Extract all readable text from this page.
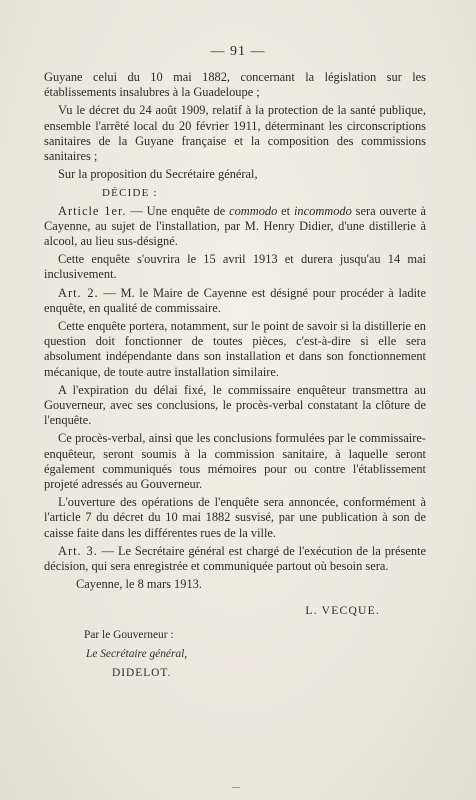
— 91 —

Guyane celui du 10 mai 1882, concernant la législation sur les établissements insalubres à la Guadeloupe ;

Vu le décret du 24 août 1909, relatif à la protection de la santé publique, ensemble l'arrêté local du 20 février 1911, déterminant les circonscriptions sanitaires de la Guyane française et la composition des commissions sanitaires ;

Sur la proposition du Secrétaire général,

DÉCIDE :

Article 1er. — Une enquête de commodo et incommodo sera ouverte à Cayenne, au sujet de l'installation, par M. Henry Didier, d'une distillerie à alcool, au lieu sus-désigné.

Cette enquête s'ouvrira le 15 avril 1913 et durera jusqu'au 14 mai inclusivement.

Art. 2. — M. le Maire de Cayenne est désigné pour procéder à ladite enquête, en qualité de commissaire.

Cette enquête portera, notamment, sur le point de savoir si la distillerie en question doit fonctionner de toutes pièces, c'est-à-dire si elle sera absolument indépendante dans son installation et dans son fonctionnement mécanique, de toute autre installation similaire.

A l'expiration du délai fixé, le commissaire enquêteur transmettra au Gouverneur, avec ses conclusions, le procès-verbal constatant la clôture de l'enquête.

Ce procès-verbal, ainsi que les conclusions formulées par le commissaire-enquêteur, seront soumis à la commission sanitaire, à laquelle seront également communiqués tous mémoires pour ou contre l'établissement projeté adressés au Gouverneur.

L'ouverture des opérations de l'enquête sera annoncée, conformément à l'article 7 du décret du 10 mai 1882 susvisé, par une publication à son de caisse faite dans les différentes rues de la ville.

Art. 3. — Le Secrétaire général est chargé de l'exécution de la présente décision, qui sera enregistrée et communiquée partout où besoin sera.

Cayenne, le 8 mars 1913.

L. VECQUE.
Par le Gouverneur :
Le Secrétaire général,
DIDELOT.
